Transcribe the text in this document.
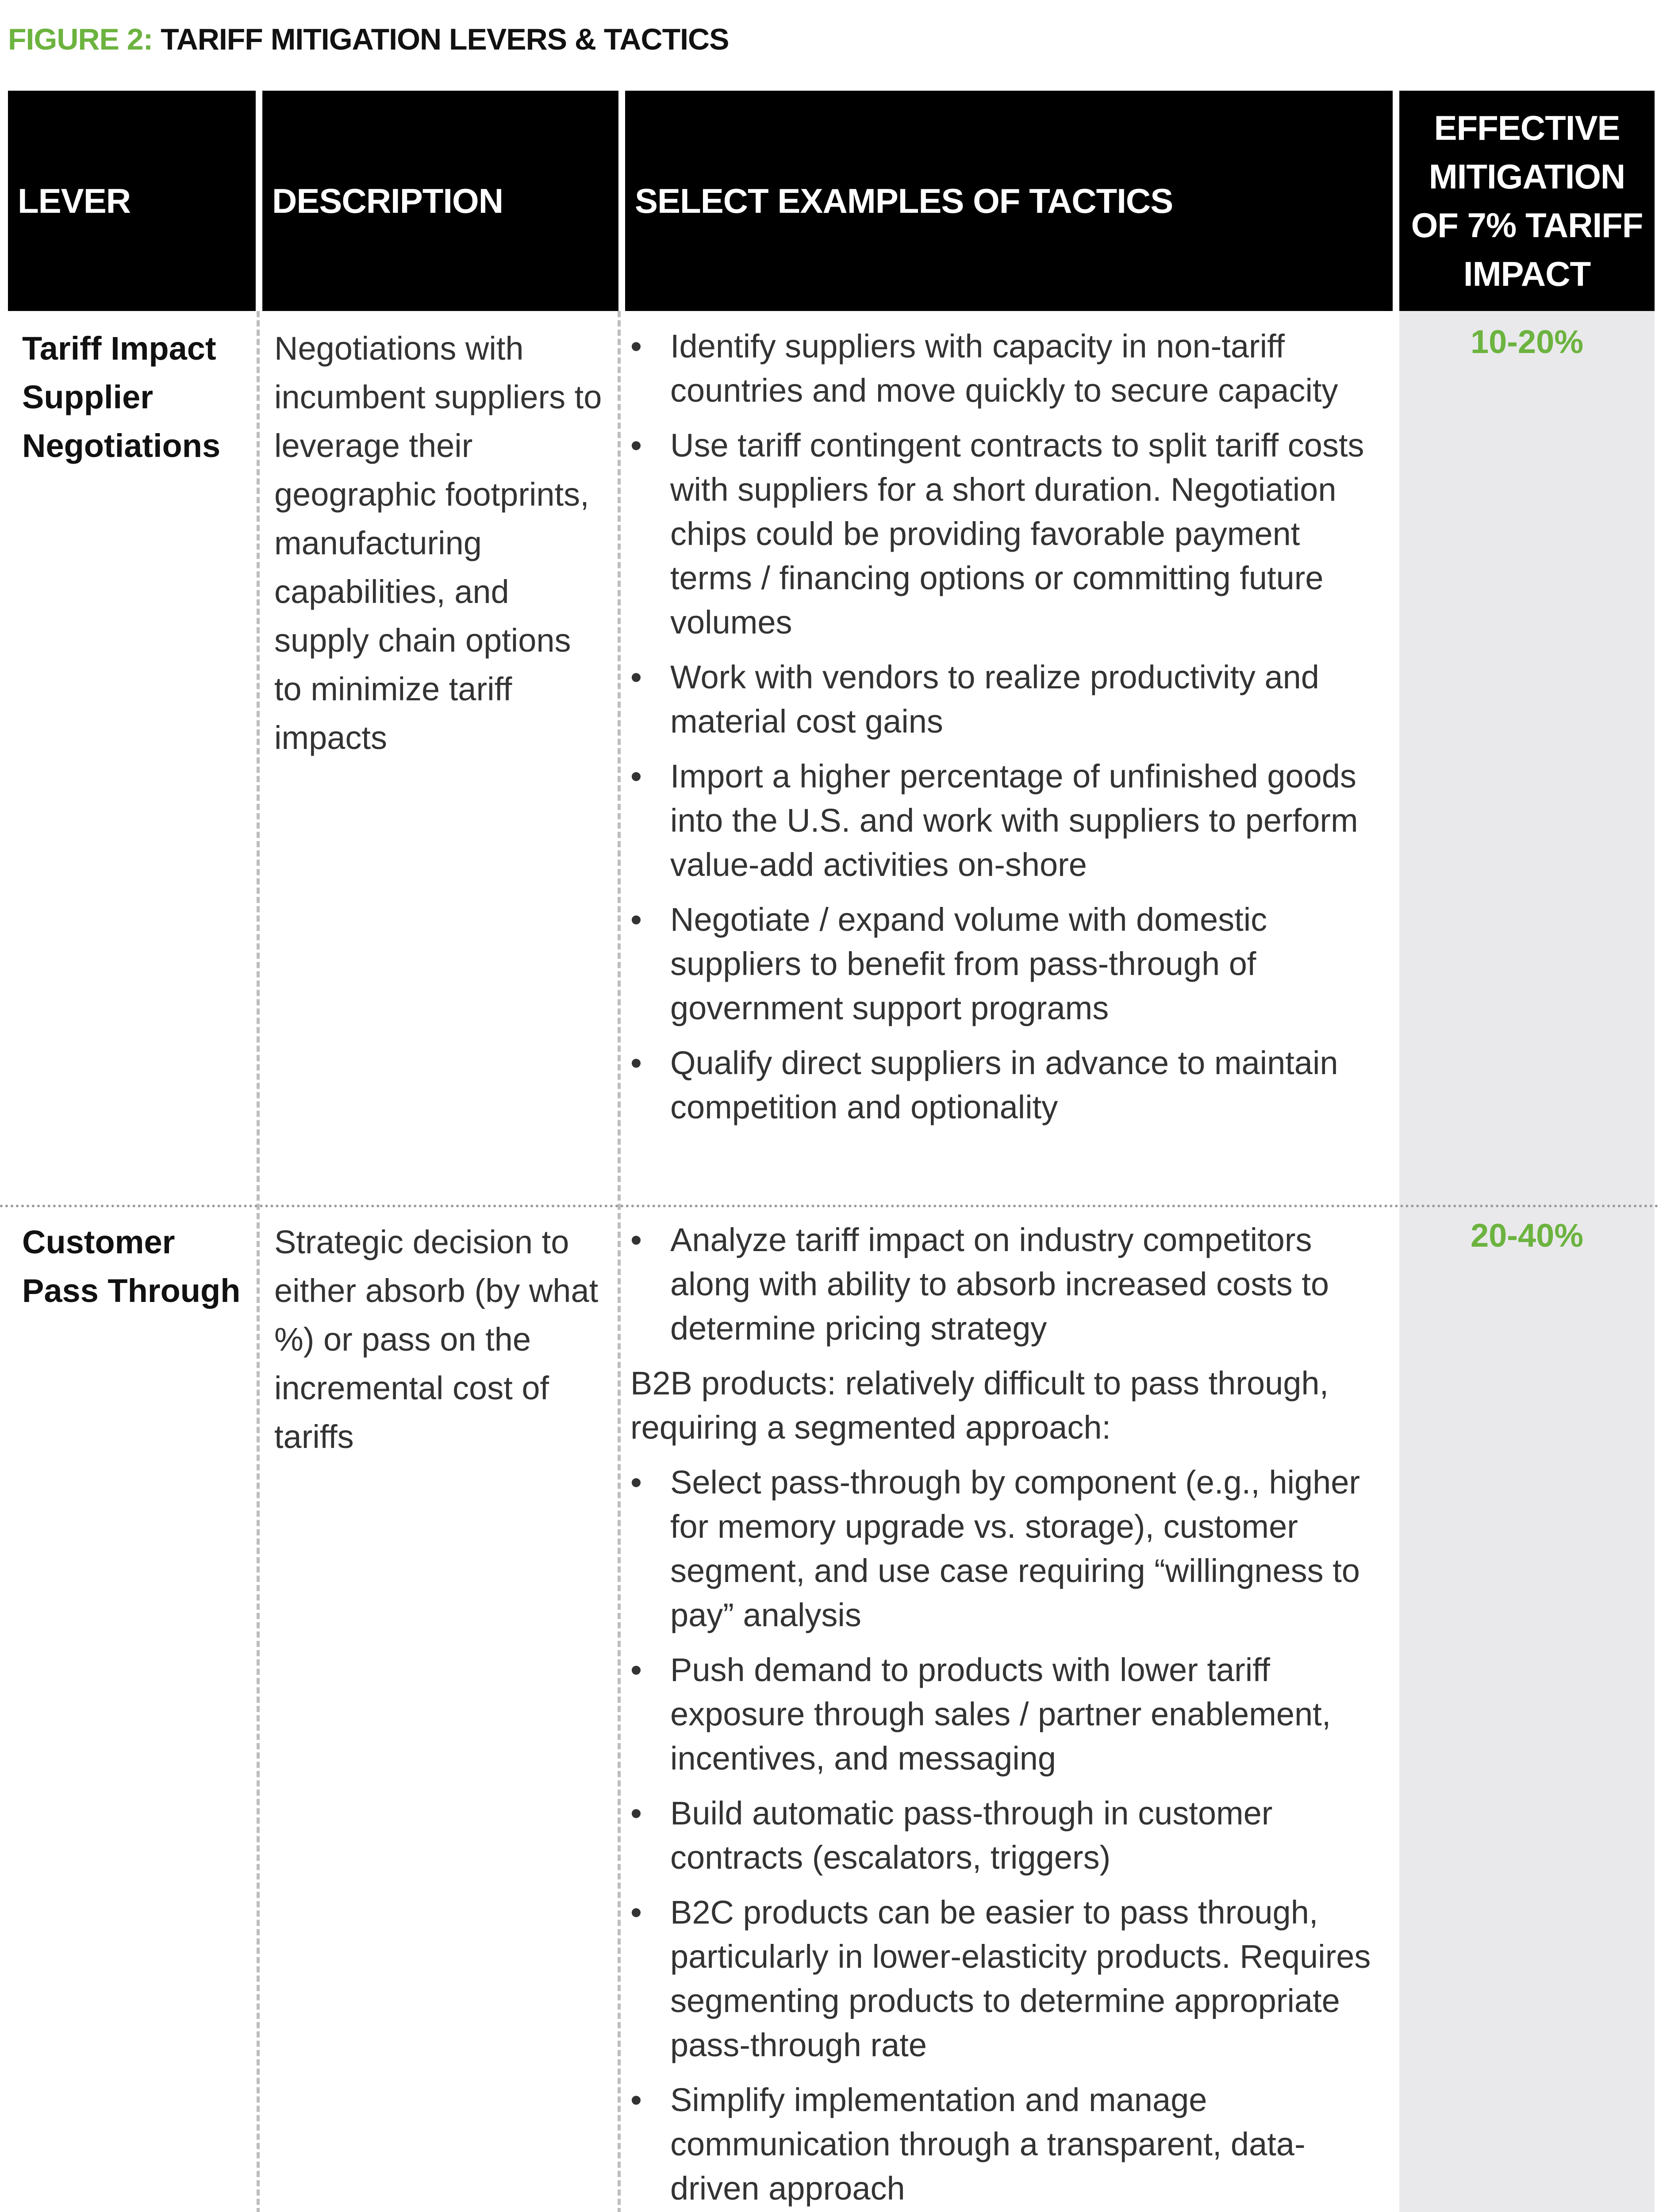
FIGURE 2: TARIFF MITIGATION LEVERS & TACTICS
LEVER	DESCRIPTION	SELECT EXAMPLES OF TACTICS
EFFECTIVE MITIGATION OF 7% TARIFF IMPACT
Tariff Impact Supplier Negotiations
Negotiations with incumbent suppliers to leverage their geographic footprints, manufacturing capabilities, and supply chain options to minimize tariff impacts
• Identify suppliers with capacity in non-tariff countries and move quickly to secure capacity
• Use tariff contingent contracts to split tariff costs with suppliers for a short duration. Negotiation chips could be providing favorable payment terms / financing options or committing future volumes
• Work with vendors to realize productivity and material cost gains
• Import a higher percentage of unfinished goods into the U.S. and work with suppliers to perform value-add activities on-shore
• Negotiate / expand volume with domestic suppliers to benefit from pass-through of government support programs
• Qualify direct suppliers in advance to maintain competition and optionality
10-20%
Customer Pass Through
Strategic decision to either absorb (by what %) or pass on the incremental cost of tariffs
• Analyze tariff impact on industry competitors along with ability to absorb increased costs to determine pricing strategy
B2B products: relatively difficult to pass through, requiring a segmented approach:
• Select pass-through by component (e.g., higher for memory upgrade vs. storage), customer segment, and use case requiring “willingness to pay” analysis
• Push demand to products with lower tariff exposure through sales / partner enablement, incentives, and messaging
• Build automatic pass-through in customer contracts (escalators, triggers)
• B2C products can be easier to pass through, particularly in lower-elasticity products. Requires segmenting products to determine appropriate pass-through rate
• Simplify implementation and manage communication through a transparent, data-driven approach
20-40%
